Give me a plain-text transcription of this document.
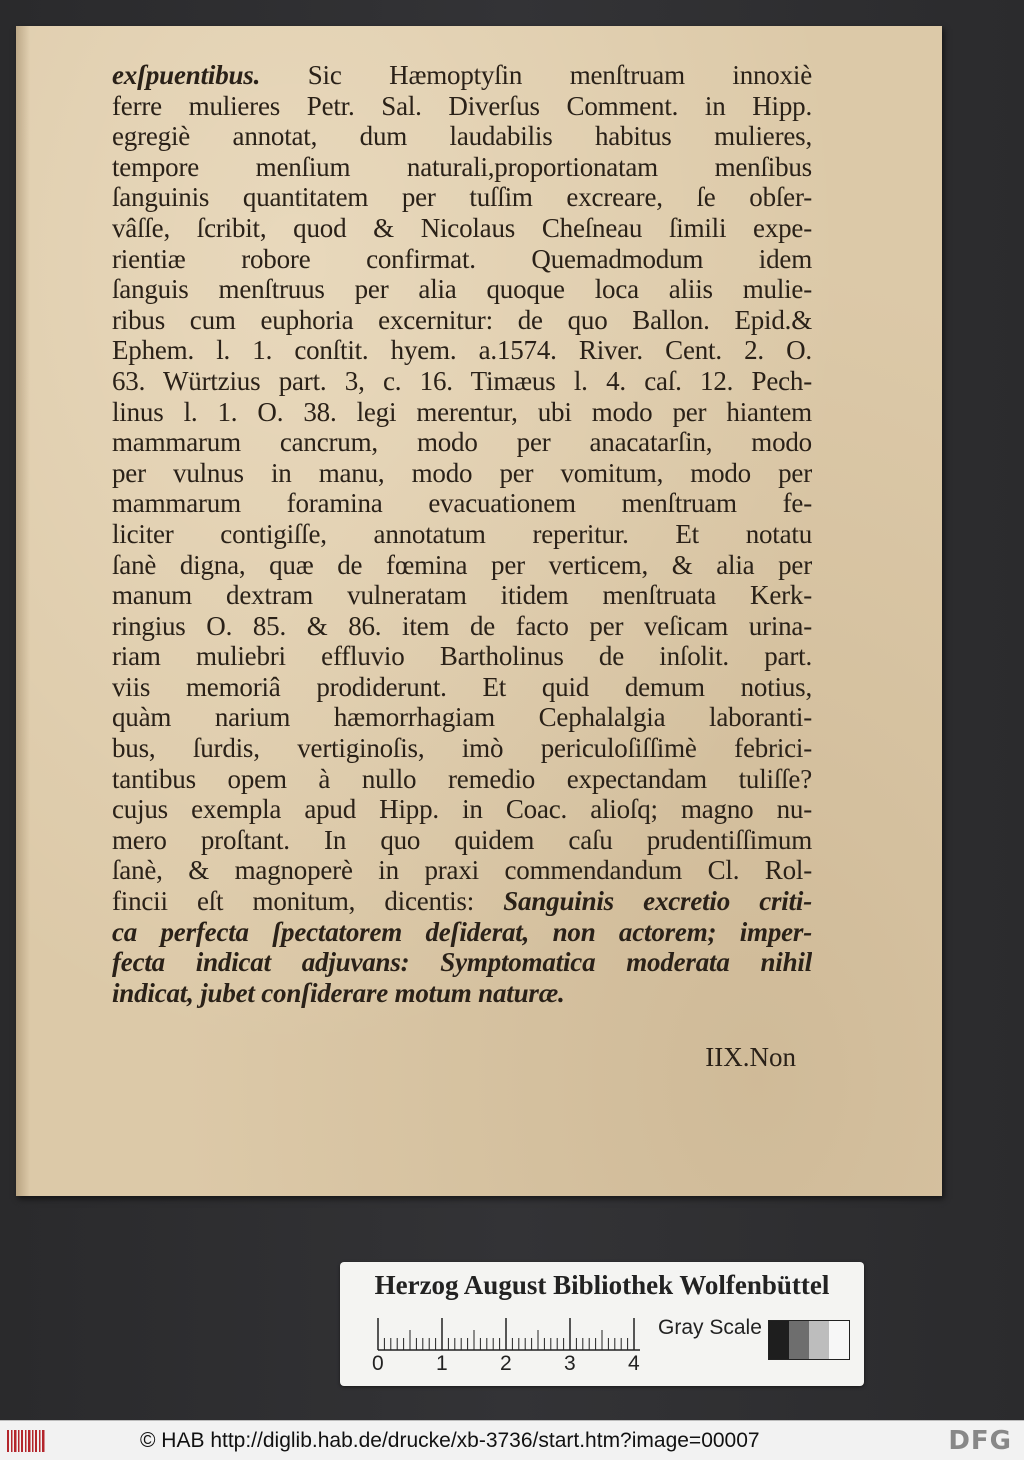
exſpuentibus. Sic Hæmoptyſin menſtruam innoxiè
ferre mulieres Petr. Sal. Diverſus Comment. in Hipp.
egregiè annotat, dum laudabilis habitus mulieres,
tempore menſium naturali,proportionatam menſibus
ſanguinis quantitatem per tuſſim excreare, ſe obſer-
vâſſe, ſcribit, quod & Nicolaus Cheſneau ſimili expe-
rientiæ robore confirmat. Quemadmodum idem
ſanguis menſtruus per alia quoque loca aliis mulie-
ribus cum euphoria excernitur: de quo Ballon. Epid.&
Ephem. l. 1. conſtit. hyem. a.1574. River. Cent. 2. O.
63. Würtzius part. 3, c. 16. Timæus l. 4. caſ. 12. Pech-
linus l. 1. O. 38. legi merentur, ubi modo per hiantem
mammarum cancrum, modo per anacatarſin, modo
per vulnus in manu, modo per vomitum, modo per
mammarum foramina evacuationem menſtruam fe-
liciter contigiſſe, annotatum reperitur. Et notatu
ſanè digna, quæ de fœmina per verticem, & alia per
manum dextram vulneratam itidem menſtruata Kerk-
ringius O. 85. & 86. item de facto per veſicam urina-
riam muliebri effluvio Bartholinus de inſolit. part.
viis memoriâ prodiderunt. Et quid demum notius,
quàm narium hæmorrhagiam Cephalalgia laboranti-
bus, ſurdis, vertiginoſis, imò periculoſiſſimè febrici-
tantibus opem à nullo remedio expectandam tuliſſe?
cujus exempla apud Hipp. in Coac. alioſq; magno nu-
mero proſtant. In quo quidem caſu prudentiſſimum
ſanè, & magnoperè in praxi commendandum Cl. Rol-
fincii eſt monitum, dicentis: Sanguinis excretio criti-
ca perfecta ſpectatorem deſiderat, non actorem; imper-
fecta indicat adjuvans: Symptomatica moderata nihil
indicat, jubet conſiderare motum naturæ.
IIX.Non
Herzog August Bibliothek Wolfenbüttel
0 1 2 3 4
Gray Scale
© HAB http://diglib.hab.de/drucke/xb-3736/start.htm?image=00007	DFG
